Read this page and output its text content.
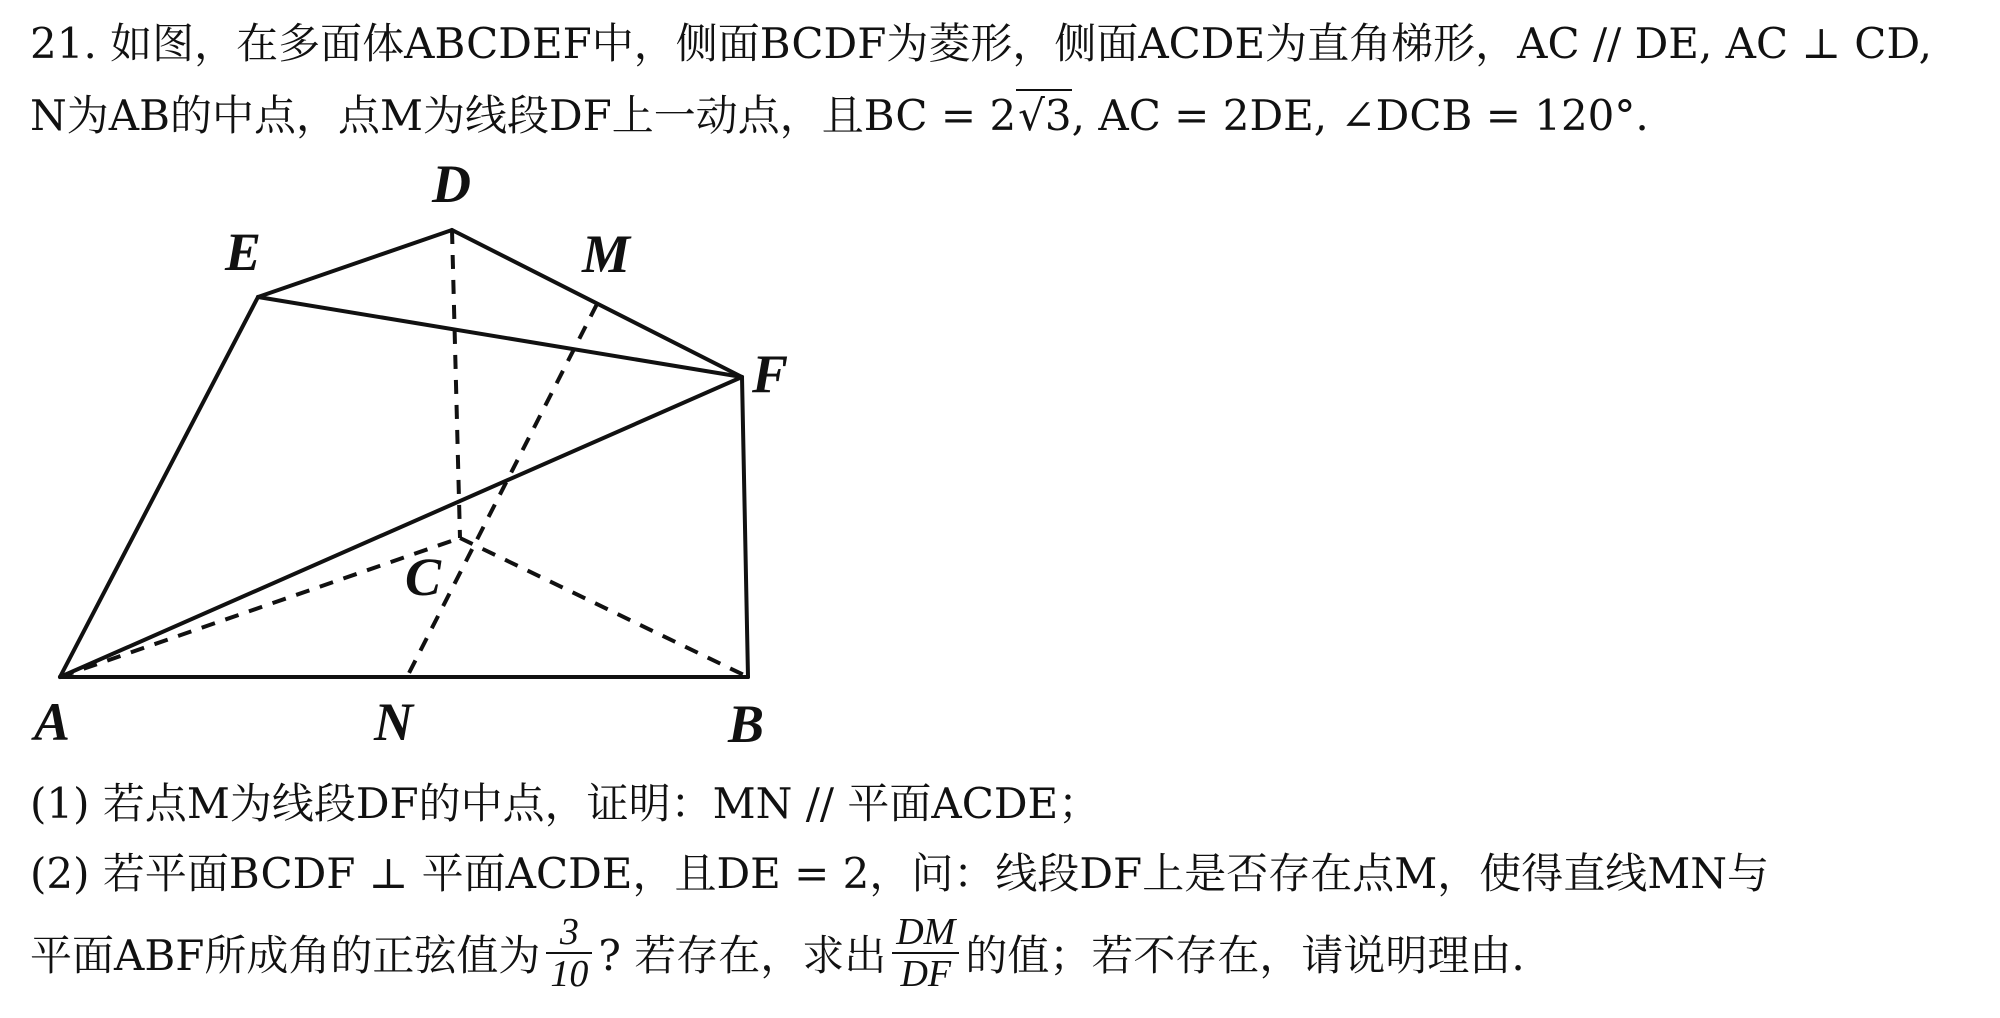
21. 如图，在多面体ABCDEF中，侧面BCDF为菱形，侧面ACDE为直角梯形，AC // DE, AC ⊥ CD,
N为AB的中点，点M为线段DF上一动点，且BC = 2√3, AC = 2DE, ∠DCB = 120°.
D
E	M
F
C
A	N	B
(1) 若点M为线段DF的中点，证明：MN // 平面ACDE；
(2) 若平面BCDF ⊥ 平面ACDE，且DE = 2，问：线段DF上是否存在点M，使得直线MN与
平面ABF所成角的正弦值为 $\frac{3}{10}$ ? 若存在，求出 $\frac{DM}{DF}$ 的值；若不存在，请说明理由.
